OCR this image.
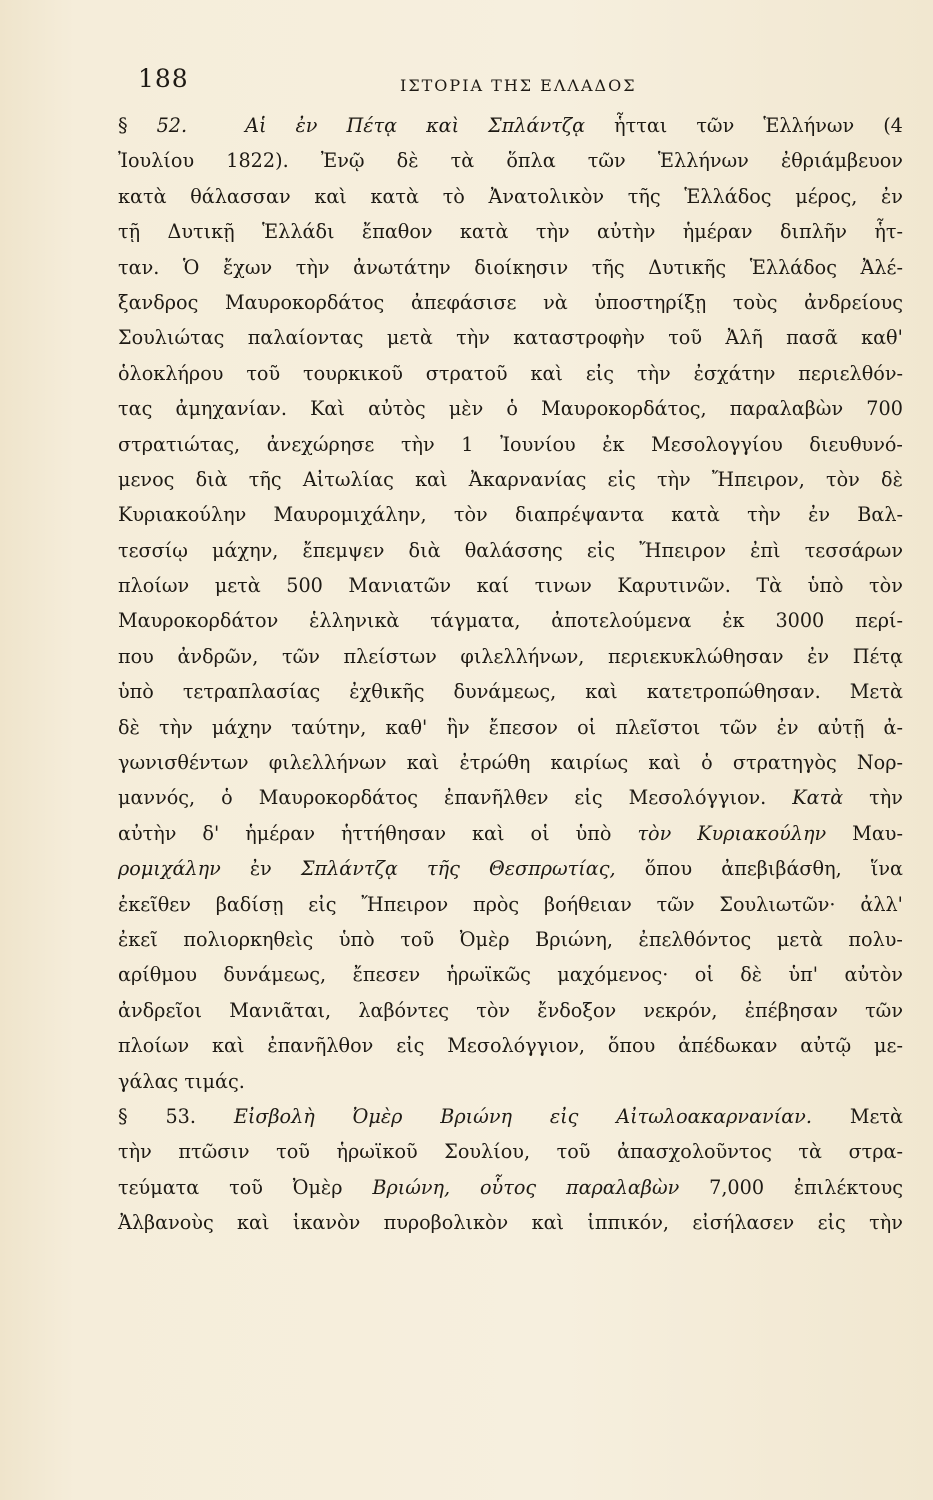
188	ΙΣΤΟΡΙΑ ΤΗΣ ΕΛΛΑΔΟΣ
§ 52.	Αἱ ἐν Πέτᾳ καὶ Σπλάντζᾳ ἧτται τῶν Ἑλλήνων (4
Ἰουλίου 1822). Ἐνῷ δὲ τὰ ὅπλα τῶν Ἑλλήνων ἐθριάμβευον
κατὰ θάλασσαν καὶ κατὰ τὸ Ἀνατολικὸν τῆς Ἑλλάδος μέρος, ἐν
τῇ Δυτικῇ Ἑλλάδι ἔπαθον κατὰ τὴν αὐτὴν ἡμέραν διπλῆν ἧτ-
ταν. Ὁ ἔχων τὴν ἀνωτάτην διοίκησιν τῆς Δυτικῆς Ἑλλάδος Ἀλέ-
ξανδρος Μαυροκορδάτος ἀπεφάσισε νὰ ὑποστηρίξῃ τοὺς ἀνδρείους
Σουλιώτας παλαίοντας μετὰ τὴν καταστροφὴν τοῦ Ἀλῆ πασᾶ καθ'
ὁλοκλήρου τοῦ τουρκικοῦ στρατοῦ καὶ εἰς τὴν ἐσχάτην περιελθόν-
τας ἀμηχανίαν. Καὶ αὐτὸς μὲν ὁ Μαυροκορδάτος, παραλαβὼν 700
στρατιώτας, ἀνεχώρησε τὴν 1 Ἰουνίου ἐκ Μεσολογγίου διευθυνό-
μενος διὰ τῆς Αἰτωλίας καὶ Ἀκαρνανίας εἰς τὴν Ἤπειρον, τὸν δὲ
Κυριακούλην Μαυρομιχάλην, τὸν διαπρέψαντα κατὰ τὴν ἐν Βαλ-
τεσσίῳ μάχην, ἔπεμψεν διὰ θαλάσσης εἰς Ἤπειρον ἐπὶ τεσσάρων
πλοίων μετὰ 500 Μανιατῶν καί τινων Καρυτινῶν. Τὰ ὑπὸ τὸν
Μαυροκορδάτον ἑλληνικὰ τάγματα, ἀποτελούμενα ἐκ 3000 περί-
που ἀνδρῶν, τῶν πλείστων φιλελλήνων, περιεκυκλώθησαν ἐν Πέτᾳ
ὑπὸ τετραπλασίας ἐχθικῆς δυνάμεως, καὶ κατετροπώθησαν. Μετὰ
δὲ τὴν μάχην ταύτην, καθ' ἣν ἔπεσον οἱ πλεῖστοι τῶν ἐν αὐτῇ ἀ-
γωνισθέντων φιλελλήνων καὶ ἐτρώθη καιρίως καὶ ὁ στρατηγὸς Νορ-
μαννός, ὁ Μαυροκορδάτος ἐπανῆλθεν εἰς Μεσολόγγιον. Κατὰ τὴν
αὐτὴν δ' ἡμέραν ἡττήθησαν καὶ οἱ ὑπὸ τὸν Κυριακούλην Μαυ-
ρομιχάλην ἐν Σπλάντζᾳ τῆς Θεσπρωτίας, ὅπου ἀπεβιβάσθη, ἵνα
ἐκεῖθεν βαδίσῃ εἰς Ἤπειρον πρὸς βοήθειαν τῶν Σουλιωτῶν· ἀλλ'
ἐκεῖ πολιορκηθεὶς ὑπὸ τοῦ Ὀμὲρ Βριώνη, ἐπελθόντος μετὰ πολυ-
αρίθμου δυνάμεως, ἔπεσεν ἡρωϊκῶς μαχόμενος· οἱ δὲ ὑπ' αὐτὸν
ἀνδρεῖοι Μανιᾶται, λαβόντες τὸν ἔνδοξον νεκρόν, ἐπέβησαν τῶν
πλοίων καὶ ἐπανῆλθον εἰς Μεσολόγγιον, ὅπου ἀπέδωκαν αὐτῷ με-
γάλας τιμάς.
§ 53. Εἰσβολὴ Ὀμὲρ Βριώνη εἰς Αἰτωλοακαρνανίαν. Μετὰ
τὴν πτῶσιν τοῦ ἡρωϊκοῦ Σουλίου, τοῦ ἀπασχολοῦντος τὰ στρα-
τεύματα τοῦ Ὀμὲρ Βριώνη, οὗτος παραλαβὼν 7,000 ἐπιλέκτους
Ἀλβανοὺς καὶ ἱκανὸν πυροβολικὸν καὶ ἱππικόν, εἰσήλασεν εἰς τὴν
